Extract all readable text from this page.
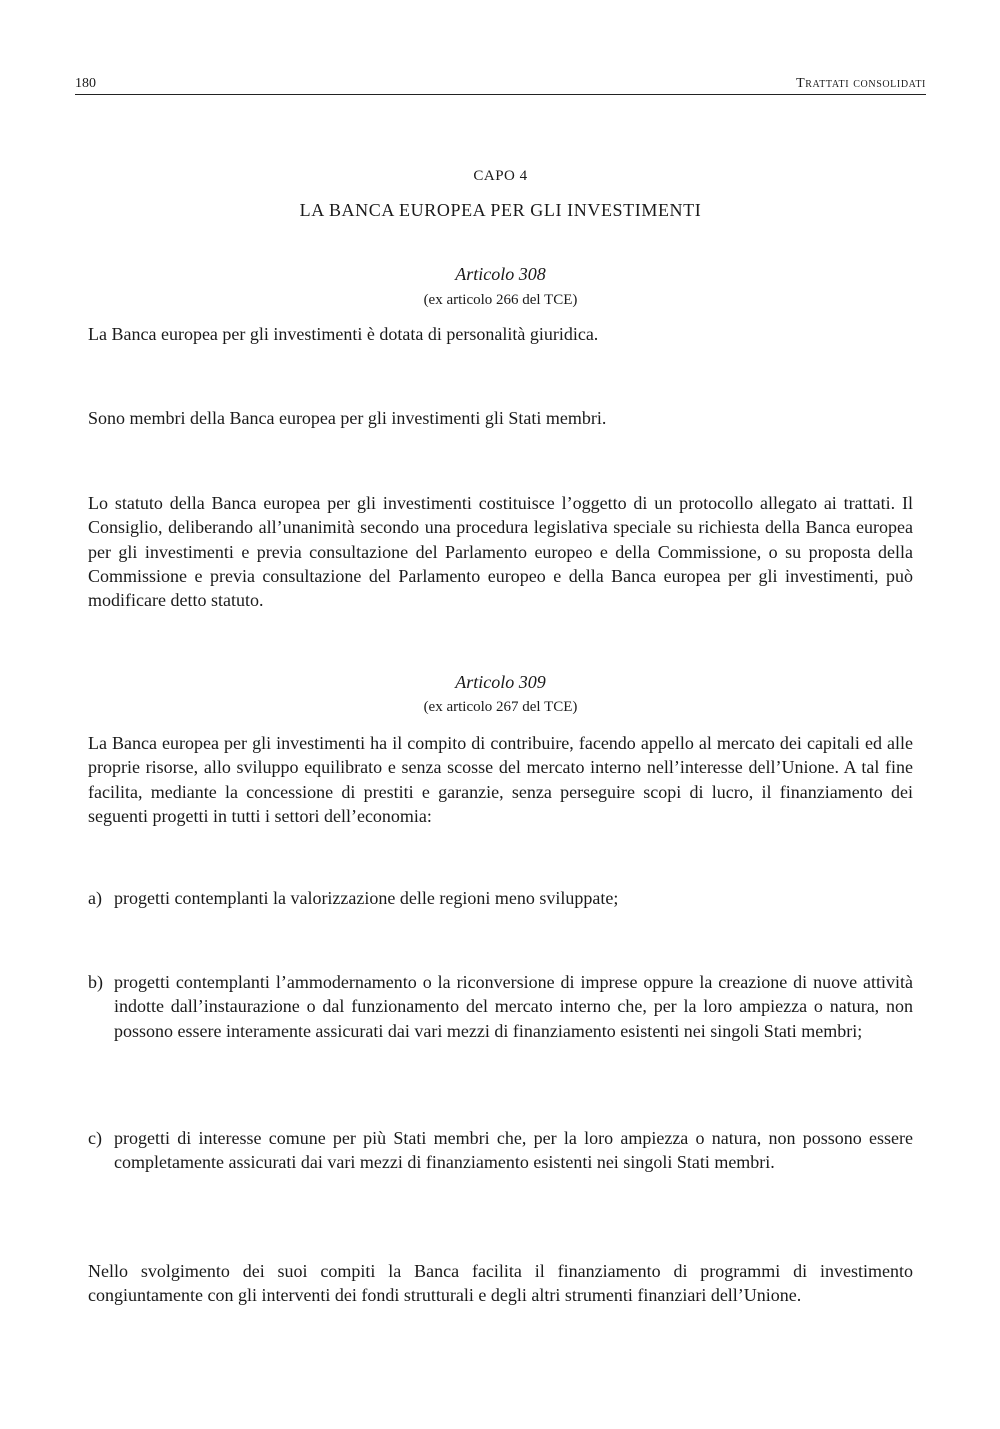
180	Trattati consolidati
CAPO 4
LA BANCA EUROPEA PER GLI INVESTIMENTI
Articolo 308
(ex articolo 266 del TCE)

La Banca europea per gli investimenti è dotata di personalità giuridica.

Sono membri della Banca europea per gli investimenti gli Stati membri.

Lo statuto della Banca europea per gli investimenti costituisce l’oggetto di un protocollo allegato ai trattati. Il Consiglio, deliberando all’unanimità secondo una procedura legislativa speciale su richiesta della Banca europea per gli investimenti e previa consultazione del Parlamento europeo e della Commissione, o su proposta della Commissione e previa consultazione del Parlamento europeo e della Banca europea per gli investimenti, può modificare detto statuto.

Articolo 309
(ex articolo 267 del TCE)

La Banca europea per gli investimenti ha il compito di contribuire, facendo appello al mercato dei capitali ed alle proprie risorse, allo sviluppo equilibrato e senza scosse del mercato interno nell’interesse dell’Unione. A tal fine facilita, mediante la concessione di prestiti e garanzie, senza perseguire scopi di lucro, il finanziamento dei seguenti progetti in tutti i settori dell’economia:

a) progetti contemplanti la valorizzazione delle regioni meno sviluppate;
b) progetti contemplanti l’ammodernamento o la riconversione di imprese oppure la creazione di nuove attività indotte dall’instaurazione o dal funzionamento del mercato interno che, per la loro ampiezza o natura, non possono essere interamente assicurati dai vari mezzi di finanziamento esistenti nei singoli Stati membri;
c) progetti di interesse comune per più Stati membri che, per la loro ampiezza o natura, non possono essere completamente assicurati dai vari mezzi di finanziamento esistenti nei singoli Stati membri.

Nello svolgimento dei suoi compiti la Banca facilita il finanziamento di programmi di investimento congiuntamente con gli interventi dei fondi strutturali e degli altri strumenti finanziari dell’Unione.
